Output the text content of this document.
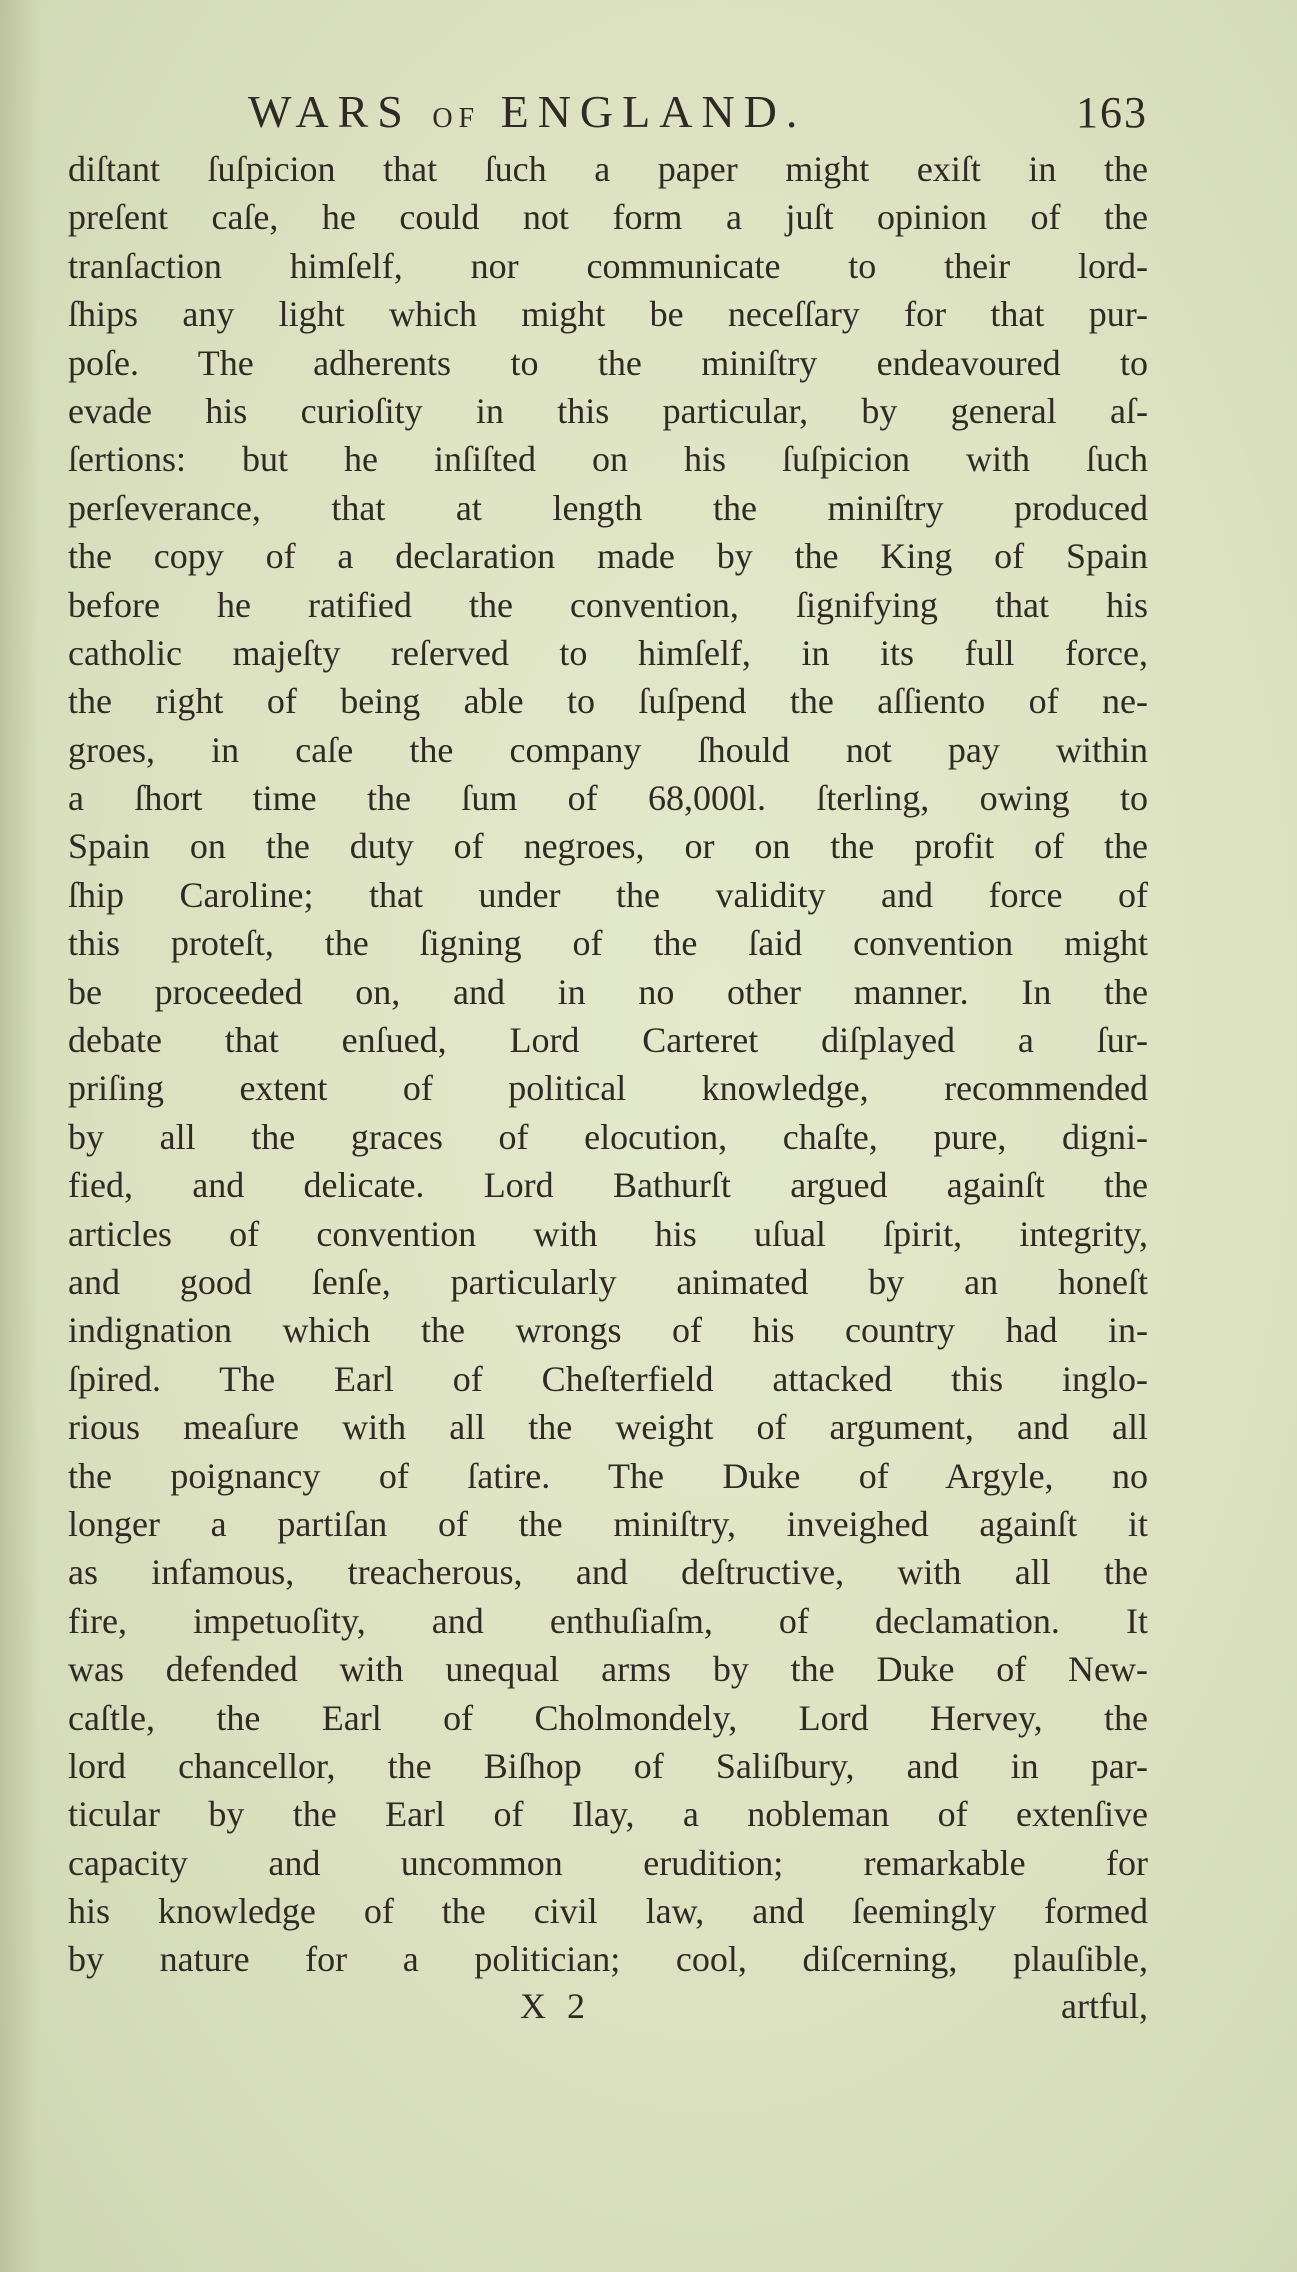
WARS OF ENGLAND.	163
diſtant ſuſpicion that ſuch a paper might exiſt in the
preſent caſe, he could not form a juſt opinion of the
tranſaction himſelf, nor communicate to their lord-
ſhips any light which might be neceſſary for that pur-
poſe. The adherents to the miniſtry endeavoured to
evade his curioſity in this particular, by general aſ-
ſertions: but he inſiſted on his ſuſpicion with ſuch
perſeverance, that at length the miniſtry produced
the copy of a declaration made by the King of Spain
before he ratified the convention, ſignifying that his
catholic majeſty reſerved to himſelf, in its full force,
the right of being able to ſuſpend the aſſiento of ne-
groes, in caſe the company ſhould not pay within
a ſhort time the ſum of 68,000l. ſterling, owing to
Spain on the duty of negroes, or on the profit of the
ſhip Caroline; that under the validity and force of
this proteſt, the ſigning of the ſaid convention might
be proceeded on, and in no other manner. In the
debate that enſued, Lord Carteret diſplayed a ſur-
priſing extent of political knowledge, recommended
by all the graces of elocution, chaſte, pure, digni-
fied, and delicate. Lord Bathurſt argued againſt the
articles of convention with his uſual ſpirit, integrity,
and good ſenſe, particularly animated by an honeſt
indignation which the wrongs of his country had in-
ſpired. The Earl of Cheſterfield attacked this inglo-
rious meaſure with all the weight of argument, and all
the poignancy of ſatire. The Duke of Argyle, no
longer a partiſan of the miniſtry, inveighed againſt it
as infamous, treacherous, and deſtructive, with all the
fire, impetuoſity, and enthuſiaſm, of declamation. It
was defended with unequal arms by the Duke of New-
caſtle, the Earl of Cholmondely, Lord Hervey, the
lord chancellor, the Biſhop of Saliſbury, and in par-
ticular by the Earl of Ilay, a nobleman of extenſive
capacity and uncommon erudition; remarkable for
his knowledge of the civil law, and ſeemingly formed
by nature for a politician; cool, diſcerning, plauſible,
X 2	artful,
